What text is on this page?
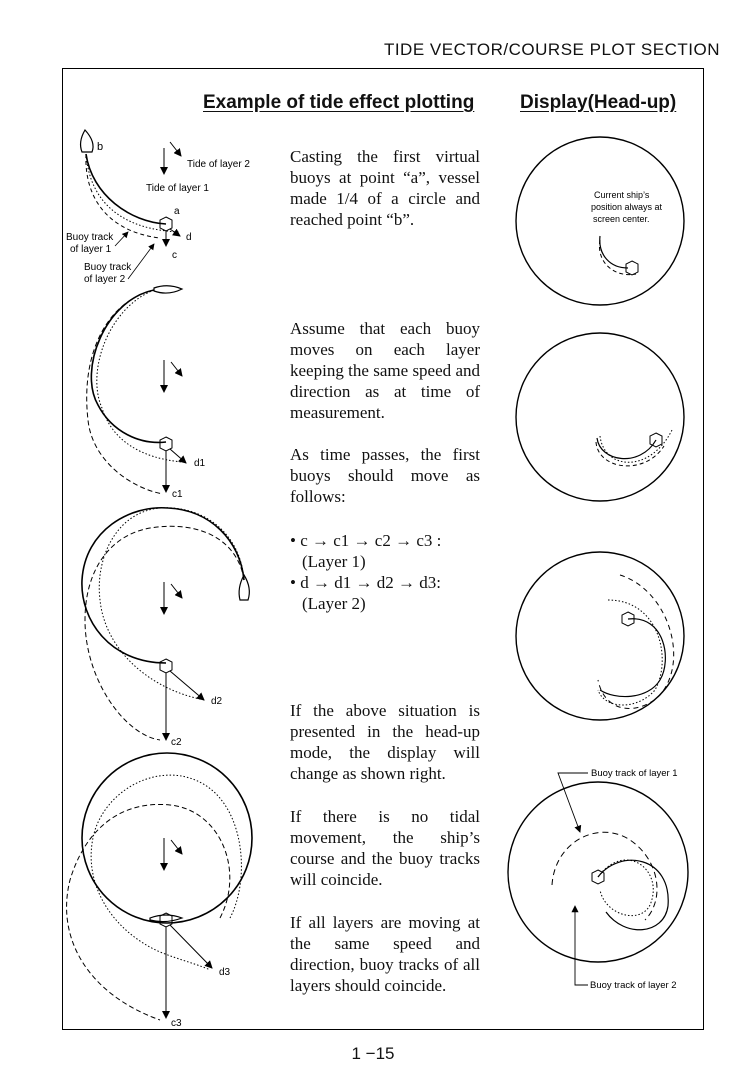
TIDE VECTOR/COURSE PLOT SECTION
Example of tide effect plotting Display(Head-up)
b
a
c
d
Tide of layer 2
Tide of layer 1
Buoy track
of layer 1
Buoy track
of layer 2
d1
c1
d2
c2
d3
c3
Current ship’s
position always at
screen center.
Buoy track of layer 1
Buoy track of layer 2

Casting the first virtual buoys at point “a”, vessel made 1/4 of a circle and reached point “b”.

Assume that each buoy moves on each layer keeping the same speed and direction as at time of measurement.

As time passes, the first buoys should move as follows:

• c → c1 → c2 → c3 :

(Layer 1)

• d → d1 → d2 → d3:

(Layer 2)

If the above situation is presented in the head-up mode, the display will change as shown right.

If there is no tidal movement, the ship’s course and the buoy tracks will coincide.

If all layers are moving at the same speed and direction, buoy tracks of all layers should coincide.

1 −15
